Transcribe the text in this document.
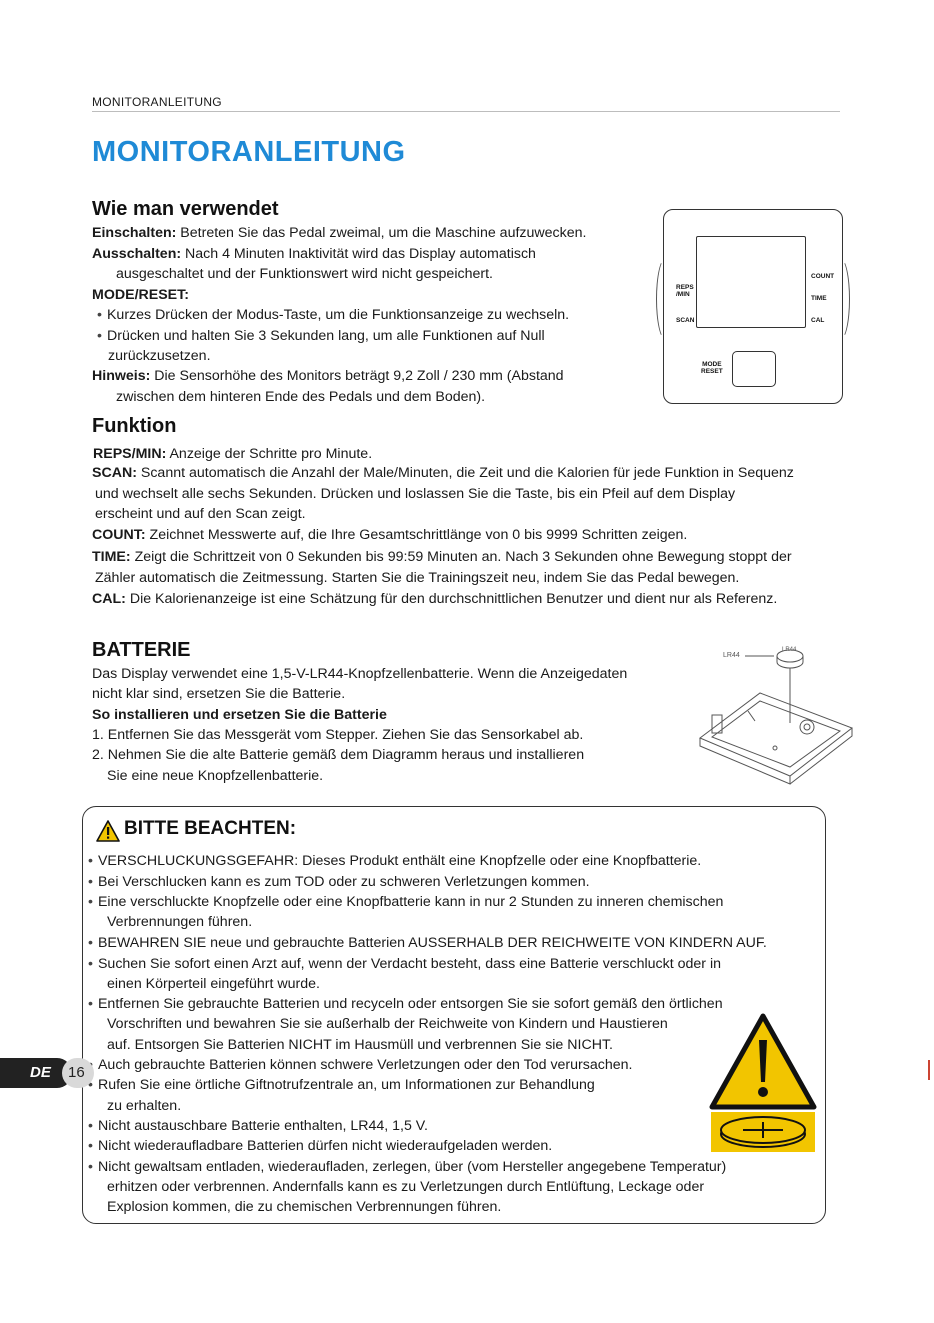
MONITORANLEITUNG
MONITORANLEITUNG
Wie man verwendet
Einschalten: Betreten Sie das Pedal zweimal, um die Maschine aufzuwecken.
Ausschalten: Nach 4 Minuten Inaktivität wird das Display automatisch
ausgeschaltet und der Funktionswert wird nicht gespeichert.
MODE/RESET:
• Kurzes Drücken der Modus-Taste, um die Funktionsanzeige zu wechseln.
• Drücken und halten Sie 3 Sekunden lang, um alle Funktionen auf Null
zurückzusetzen.
Hinweis: Die Sensorhöhe des Monitors beträgt 9,2 Zoll / 230 mm (Abstand
zwischen dem hinteren Ende des Pedals und dem Boden).
REPS
/MIN
SCAN
COUNT
TIME
CAL
MODE
RESET
Funktion
REPS/MIN: Anzeige der Schritte pro Minute.
SCAN: Scannt automatisch die Anzahl der Male/Minuten, die Zeit und die Kalorien für jede Funktion in Sequenz
und wechselt alle sechs Sekunden. Drücken und loslassen Sie die Taste, bis ein Pfeil auf dem Display
erscheint und auf den Scan zeigt.
COUNT: Zeichnet Messwerte auf, die Ihre Gesamtschrittlänge von 0 bis 9999 Schritten zeigen.
TIME: Zeigt die Schrittzeit von 0 Sekunden bis 99:59 Minuten an. Nach 3 Sekunden ohne Bewegung stoppt der
Zähler automatisch die Zeitmessung. Starten Sie die Trainingszeit neu, indem Sie das Pedal bewegen.
CAL: Die Kalorienanzeige ist eine Schätzung für den durchschnittlichen Benutzer und dient nur als Referenz.
BATTERIE
Das Display verwendet eine 1,5-V-LR44-Knopfzellenbatterie. Wenn die Anzeigedaten
nicht klar sind, ersetzen Sie die Batterie.
So installieren und ersetzen Sie die Batterie
1. Entfernen Sie das Messgerät vom Stepper. Ziehen Sie das Sensorkabel ab.
2. Nehmen Sie die alte Batterie gemäß dem Diagramm heraus und installieren
Sie eine neue Knopfzellenbatterie.
LR44
LR44
BITTE BEACHTEN:
• VERSCHLUCKUNGSGEFAHR: Dieses Produkt enthält eine Knopfzelle oder eine Knopfbatterie.
• Bei Verschlucken kann es zum TOD oder zu schweren Verletzungen kommen.
• Eine verschluckte Knopfzelle oder eine Knopfbatterie kann in nur 2 Stunden zu inneren chemischen
Verbrennungen führen.
• BEWAHREN SIE neue und gebrauchte Batterien AUSSERHALB DER REICHWEITE VON KINDERN AUF.
• Suchen Sie sofort einen Arzt auf, wenn der Verdacht besteht, dass eine Batterie verschluckt oder in
einen Körperteil eingeführt wurde.
• Entfernen Sie gebrauchte Batterien und recyceln oder entsorgen Sie sie sofort gemäß den örtlichen
Vorschriften und bewahren Sie sie außerhalb der Reichweite von Kindern und Haustieren
auf. Entsorgen Sie Batterien NICHT im Hausmüll und verbrennen Sie sie NICHT.
• Auch gebrauchte Batterien können schwere Verletzungen oder den Tod verursachen.
• Rufen Sie eine örtliche Giftnotrufzentrale an, um Informationen zur Behandlung
zu erhalten.
• Nicht austauschbare Batterie enthalten, LR44, 1,5 V.
• Nicht wiederaufladbare Batterien dürfen nicht wiederaufgeladen werden.
• Nicht gewaltsam entladen, wiederaufladen, zerlegen, über (vom Hersteller angegebene Temperatur)
erhitzen oder verbrennen. Andernfalls kann es zu Verletzungen durch Entlüftung, Leckage oder
Explosion kommen, die zu chemischen Verbrennungen führen.
DE 16
